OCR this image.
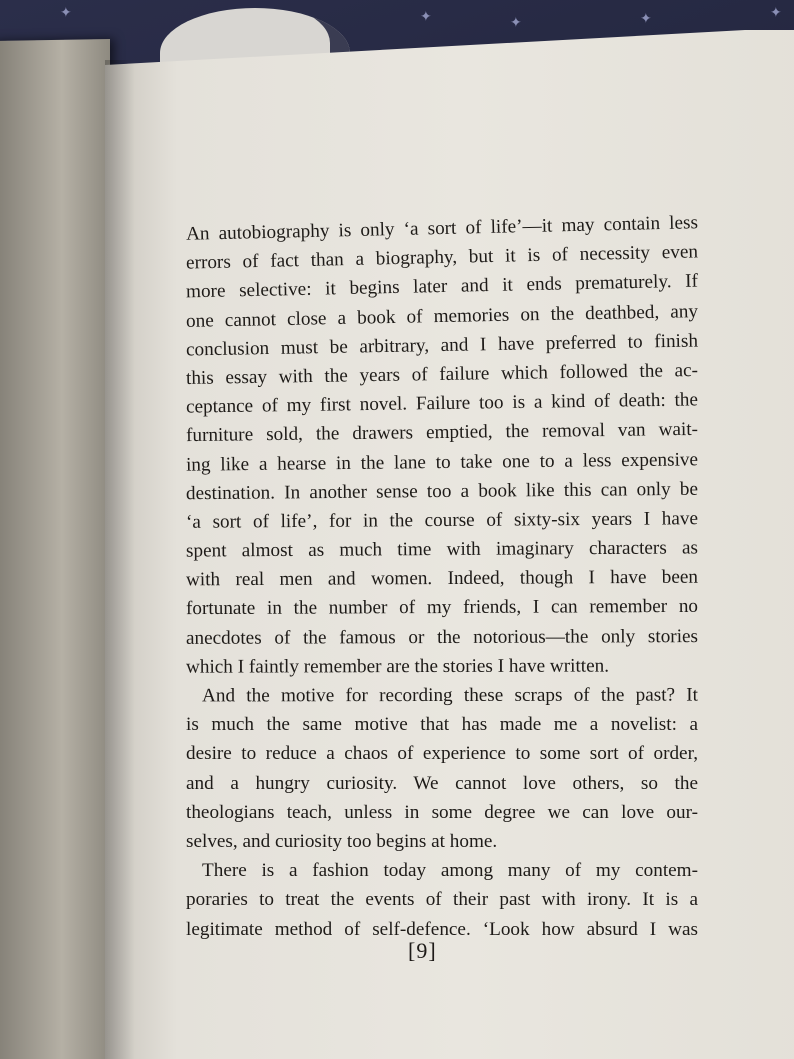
✦	✦	✦	✦	✦
An autobiography is only ‘a sort of life’—it may contain less
errors of fact than a biography, but it is of necessity even
more selective: it begins later and it ends prematurely. If
one cannot close a book of memories on the deathbed, any
conclusion must be arbitrary, and I have preferred to finish
this essay with the years of failure which followed the ac-
ceptance of my first novel. Failure too is a kind of death: the
furniture sold, the drawers emptied, the removal van wait-
ing like a hearse in the lane to take one to a less expensive
destination. In another sense too a book like this can only be
‘a sort of life’, for in the course of sixty-six years I have
spent almost as much time with imaginary characters as
with real men and women. Indeed, though I have been
fortunate in the number of my friends, I can remember no
anecdotes of the famous or the notorious—the only stories
which I faintly remember are the stories I have written.
And the motive for recording these scraps of the past? It
is much the same motive that has made me a novelist: a
desire to reduce a chaos of experience to some sort of order,
and a hungry curiosity. We cannot love others, so the
theologians teach, unless in some degree we can love our-
selves, and curiosity too begins at home.
There is a fashion today among many of my contem-
poraries to treat the events of their past with irony. It is a
legitimate method of self-defence. ‘Look how absurd I was
[9]
